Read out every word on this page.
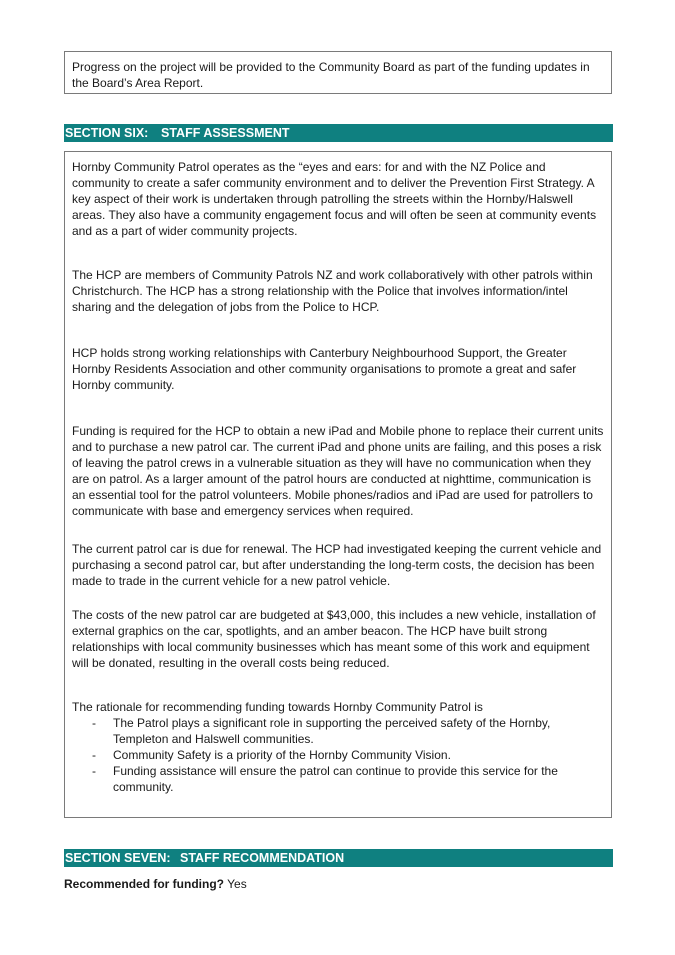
Progress on the project will be provided to the Community Board as part of the funding updates in the Board’s Area Report.

SECTION SIX: STAFF ASSESSMENT

Hornby Community Patrol operates as the “eyes and ears: for and with the NZ Police and community to create a safer community environment and to deliver the Prevention First Strategy. A key aspect of their work is undertaken through patrolling the streets within the Hornby/Halswell areas. They also have a community engagement focus and will often be seen at community events and as a part of wider community projects.

The HCP are members of Community Patrols NZ and work collaboratively with other patrols within Christchurch. The HCP has a strong relationship with the Police that involves information/intel sharing and the delegation of jobs from the Police to HCP.

HCP holds strong working relationships with Canterbury Neighbourhood Support, the Greater Hornby Residents Association and other community organisations to promote a great and safer Hornby community.

Funding is required for the HCP to obtain a new iPad and Mobile phone to replace their current units and to purchase a new patrol car. The current iPad and phone units are failing, and this poses a risk of leaving the patrol crews in a vulnerable situation as they will have no communication when they are on patrol. As a larger amount of the patrol hours are conducted at nighttime, communication is an essential tool for the patrol volunteers. Mobile phones/radios and iPad are used for patrollers to communicate with base and emergency services when required.

The current patrol car is due for renewal. The HCP had investigated keeping the current vehicle and purchasing a second patrol car, but after understanding the long-term costs, the decision has been made to trade in the current vehicle for a new patrol vehicle.

The costs of the new patrol car are budgeted at $43,000, this includes a new vehicle, installation of external graphics on the car, spotlights, and an amber beacon. The HCP have built strong relationships with local community businesses which has meant some of this work and equipment will be donated, resulting in the overall costs being reduced.

The rationale for recommending funding towards Hornby Community Patrol is

- The Patrol plays a significant role in supporting the perceived safety of the Hornby, Templeton and Halswell communities.
- Community Safety is a priority of the Hornby Community Vision.
- Funding assistance will ensure the patrol can continue to provide this service for the community.
SECTION SEVEN: STAFF RECOMMENDATION
Recommended for funding? Yes
